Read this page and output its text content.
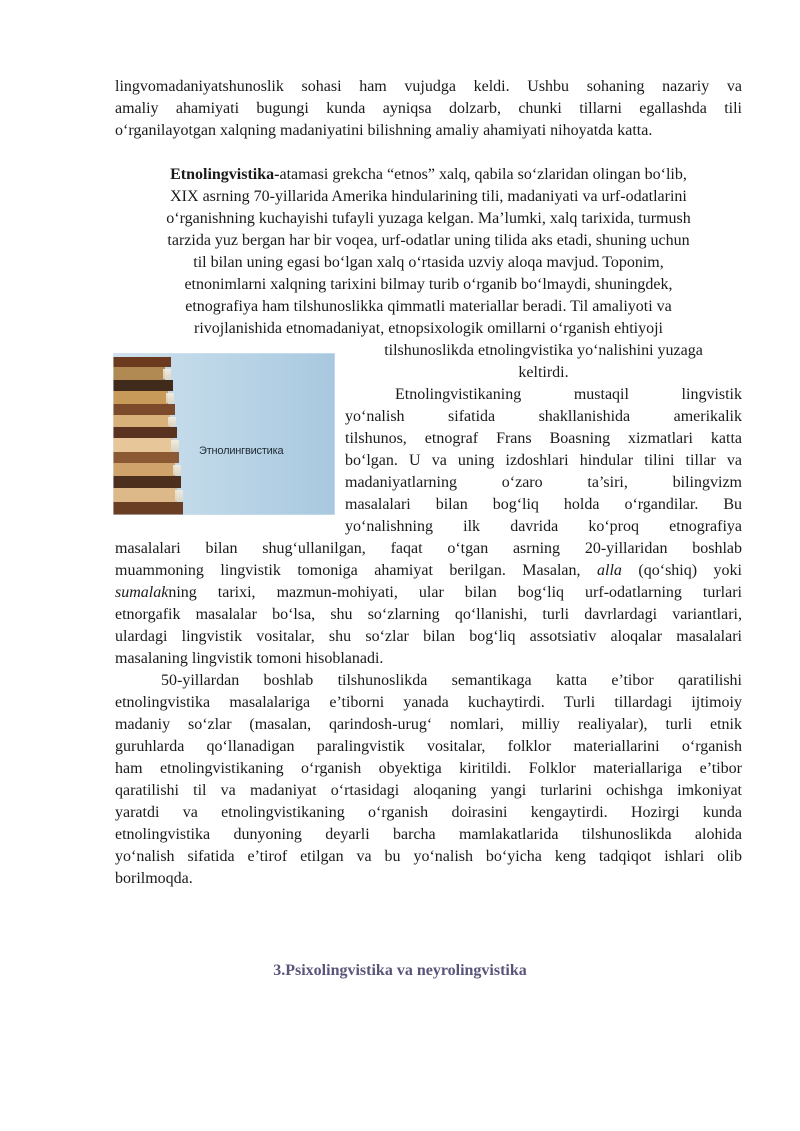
lingvomadaniyatshunoslik sohasi ham vujudga keldi. Ushbu sohaning nazariy va
amaliy ahamiyati bugungi kunda ayniqsa dolzarb, chunki tillarni egallashda tili
o‘rganilayotgan xalqning madaniyatini bilishning amaliy ahamiyati nihoyatda katta.
Etnolingvistika-atamasi grekcha “etnos” xalq, qabila so‘zlaridan olingan bo‘lib,
XIX asrning 70-yillarida Amerika hindularining tili, madaniyati va urf-odatlarini
o‘rganishning kuchayishi tufayli yuzaga kelgan. Ma’lumki, xalq tarixida, turmush
tarzida yuz bergan har bir voqea, urf-odatlar uning tilida aks etadi, shuning uchun
til bilan uning egasi bo‘lgan xalq o‘rtasida uzviy aloqa mavjud. Toponim,
etnonimlarni xalqning tarixini bilmay turib o‘rganib bo‘lmaydi, shuningdek,
etnografiya ham tilshunoslikka qimmatli materiallar beradi. Til amaliyoti va
rivojlanishida etnomadaniyat, etnopsixologik omillarni o‘rganish ehtiyoji
tilshunoslikda etnolingvistika yo‘nalishini yuzaga
keltirdi.
Этнолингвистика
Etnolingvistikaning mustaqil lingvistik
yo‘nalish sifatida shakllanishida amerikalik
tilshunos, etnograf Frans Boasning xizmatlari katta
bo‘lgan. U va uning izdoshlari hindular tilini tillar va
madaniyatlarning o‘zaro ta’siri, bilingvizm
masalalari bilan bog‘liq holda o‘rgandilar. Bu
yo‘nalishning ilk davrida ko‘proq etnografiya
masalalari bilan shug‘ullanilgan, faqat o‘tgan asrning 20-yillaridan boshlab
muammoning lingvistik tomoniga ahamiyat berilgan. Masalan, alla (qo‘shiq) yoki
sumalakning tarixi, mazmun-mohiyati, ular bilan bog‘liq urf-odatlarning turlari
etnorgafik masalalar bo‘lsa, shu so‘zlarning qo‘llanishi, turli davrlardagi variantlari,
ulardagi lingvistik vositalar, shu so‘zlar bilan bog‘liq assotsiativ aloqalar masalalari
masalaning lingvistik tomoni hisoblanadi.
50-yillardan boshlab tilshunoslikda semantikaga katta e’tibor qaratilishi
etnolingvistika masalalariga e’tiborni yanada kuchaytirdi. Turli tillardagi ijtimoiy
madaniy so‘zlar (masalan, qarindosh-urug‘ nomlari, milliy realiyalar), turli etnik
guruhlarda qo‘llanadigan paralingvistik vositalar, folklor materiallarini o‘rganish
ham etnolingvistikaning o‘rganish obyektiga kiritildi. Folklor materiallariga e’tibor
qaratilishi til va madaniyat o‘rtasidagi aloqaning yangi turlarini ochishga imkoniyat
yaratdi va etnolingvistikaning o‘rganish doirasini kengaytirdi. Hozirgi kunda
etnolingvistika dunyoning deyarli barcha mamlakatlarida tilshunoslikda alohida
yo‘nalish sifatida e’tirof etilgan va bu yo‘nalish bo‘yicha keng tadqiqot ishlari olib
borilmoqda.
3.Psixolingvistika va neyrolingvistika
